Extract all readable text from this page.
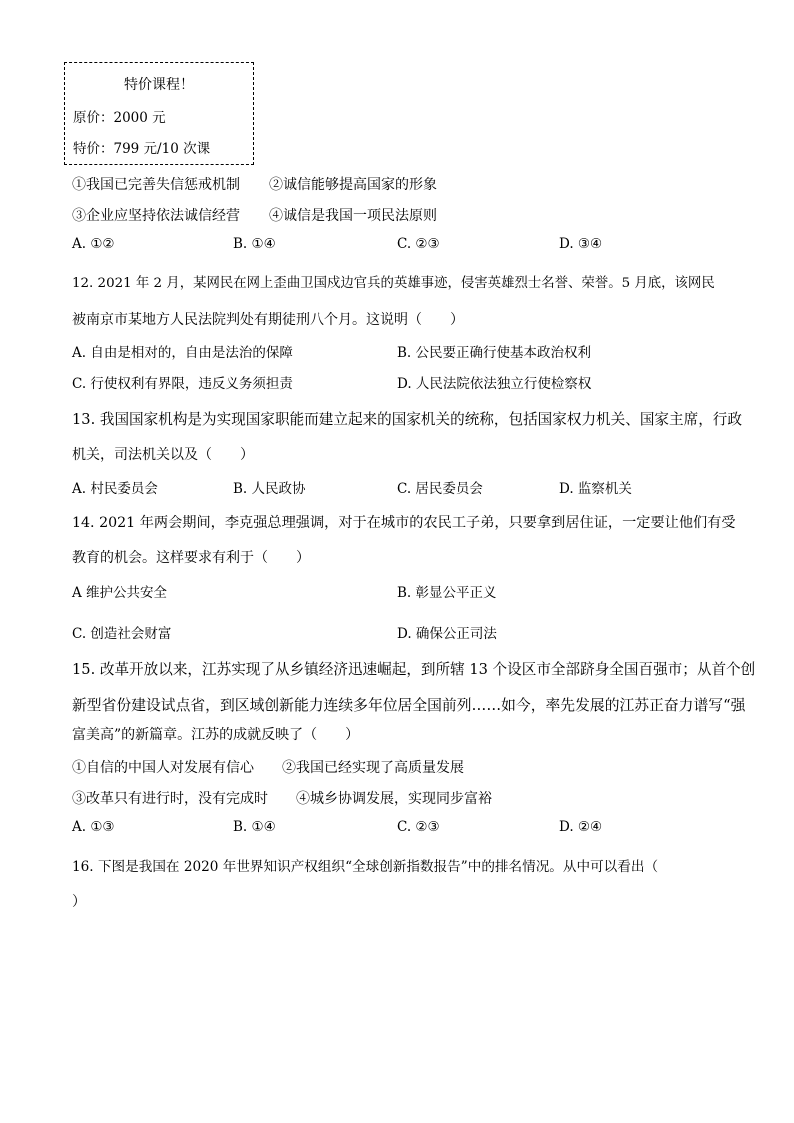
特价课程！
原价：2000 元
特价：799 元/10 次课
①我国已完善失信惩戒机制 ②诚信能够提高国家的形象
③企业应坚持依法诚信经营 ④诚信是我国一项民法原则
A. ①②	B. ①④	C. ②③	D. ③④
12. 2021 年 2 月，某网民在网上歪曲卫国戍边官兵的英雄事迹，侵害英雄烈士名誉、荣誉。5 月底，该网民
被南京市某地方人民法院判处有期徒刑八个月。这说明（　　）
A. 自由是相对的，自由是法治的保障	B. 公民要正确行使基本政治权利
C. 行使权利有界限，违反义务须担责	D. 人民法院依法独立行使检察权
13. 我国国家机构是为实现国家职能而建立起来的国家机关的统称，包括国家权力机关、国家主席，行政
机关，司法机关以及（　　）
A. 村民委员会	B. 人民政协	C. 居民委员会	D. 监察机关
14. 2021 年两会期间，李克强总理强调，对于在城市的农民工子弟，只要拿到居住证，一定要让他们有受
教育的机会。这样要求有利于（　　）
A 维护公共安全	B. 彰显公平正义
C. 创造社会财富	D. 确保公正司法
15. 改革开放以来，江苏实现了从乡镇经济迅速崛起，到所辖 13 个设区市全部跻身全国百强市；从首个创
新型省份建设试点省，到区域创新能力连续多年位居全国前列……如今，率先发展的江苏正奋力谱写“强
富美高”的新篇章。江苏的成就反映了（　　）
①自信的中国人对发展有信心 ②我国已经实现了高质量发展
③改革只有进行时，没有完成时 ④城乡协调发展，实现同步富裕
A. ①③	B. ①④	C. ②③	D. ②④
16. 下图是我国在 2020 年世界知识产权组织“全球创新指数报告”中的排名情况。从中可以看出（
）
